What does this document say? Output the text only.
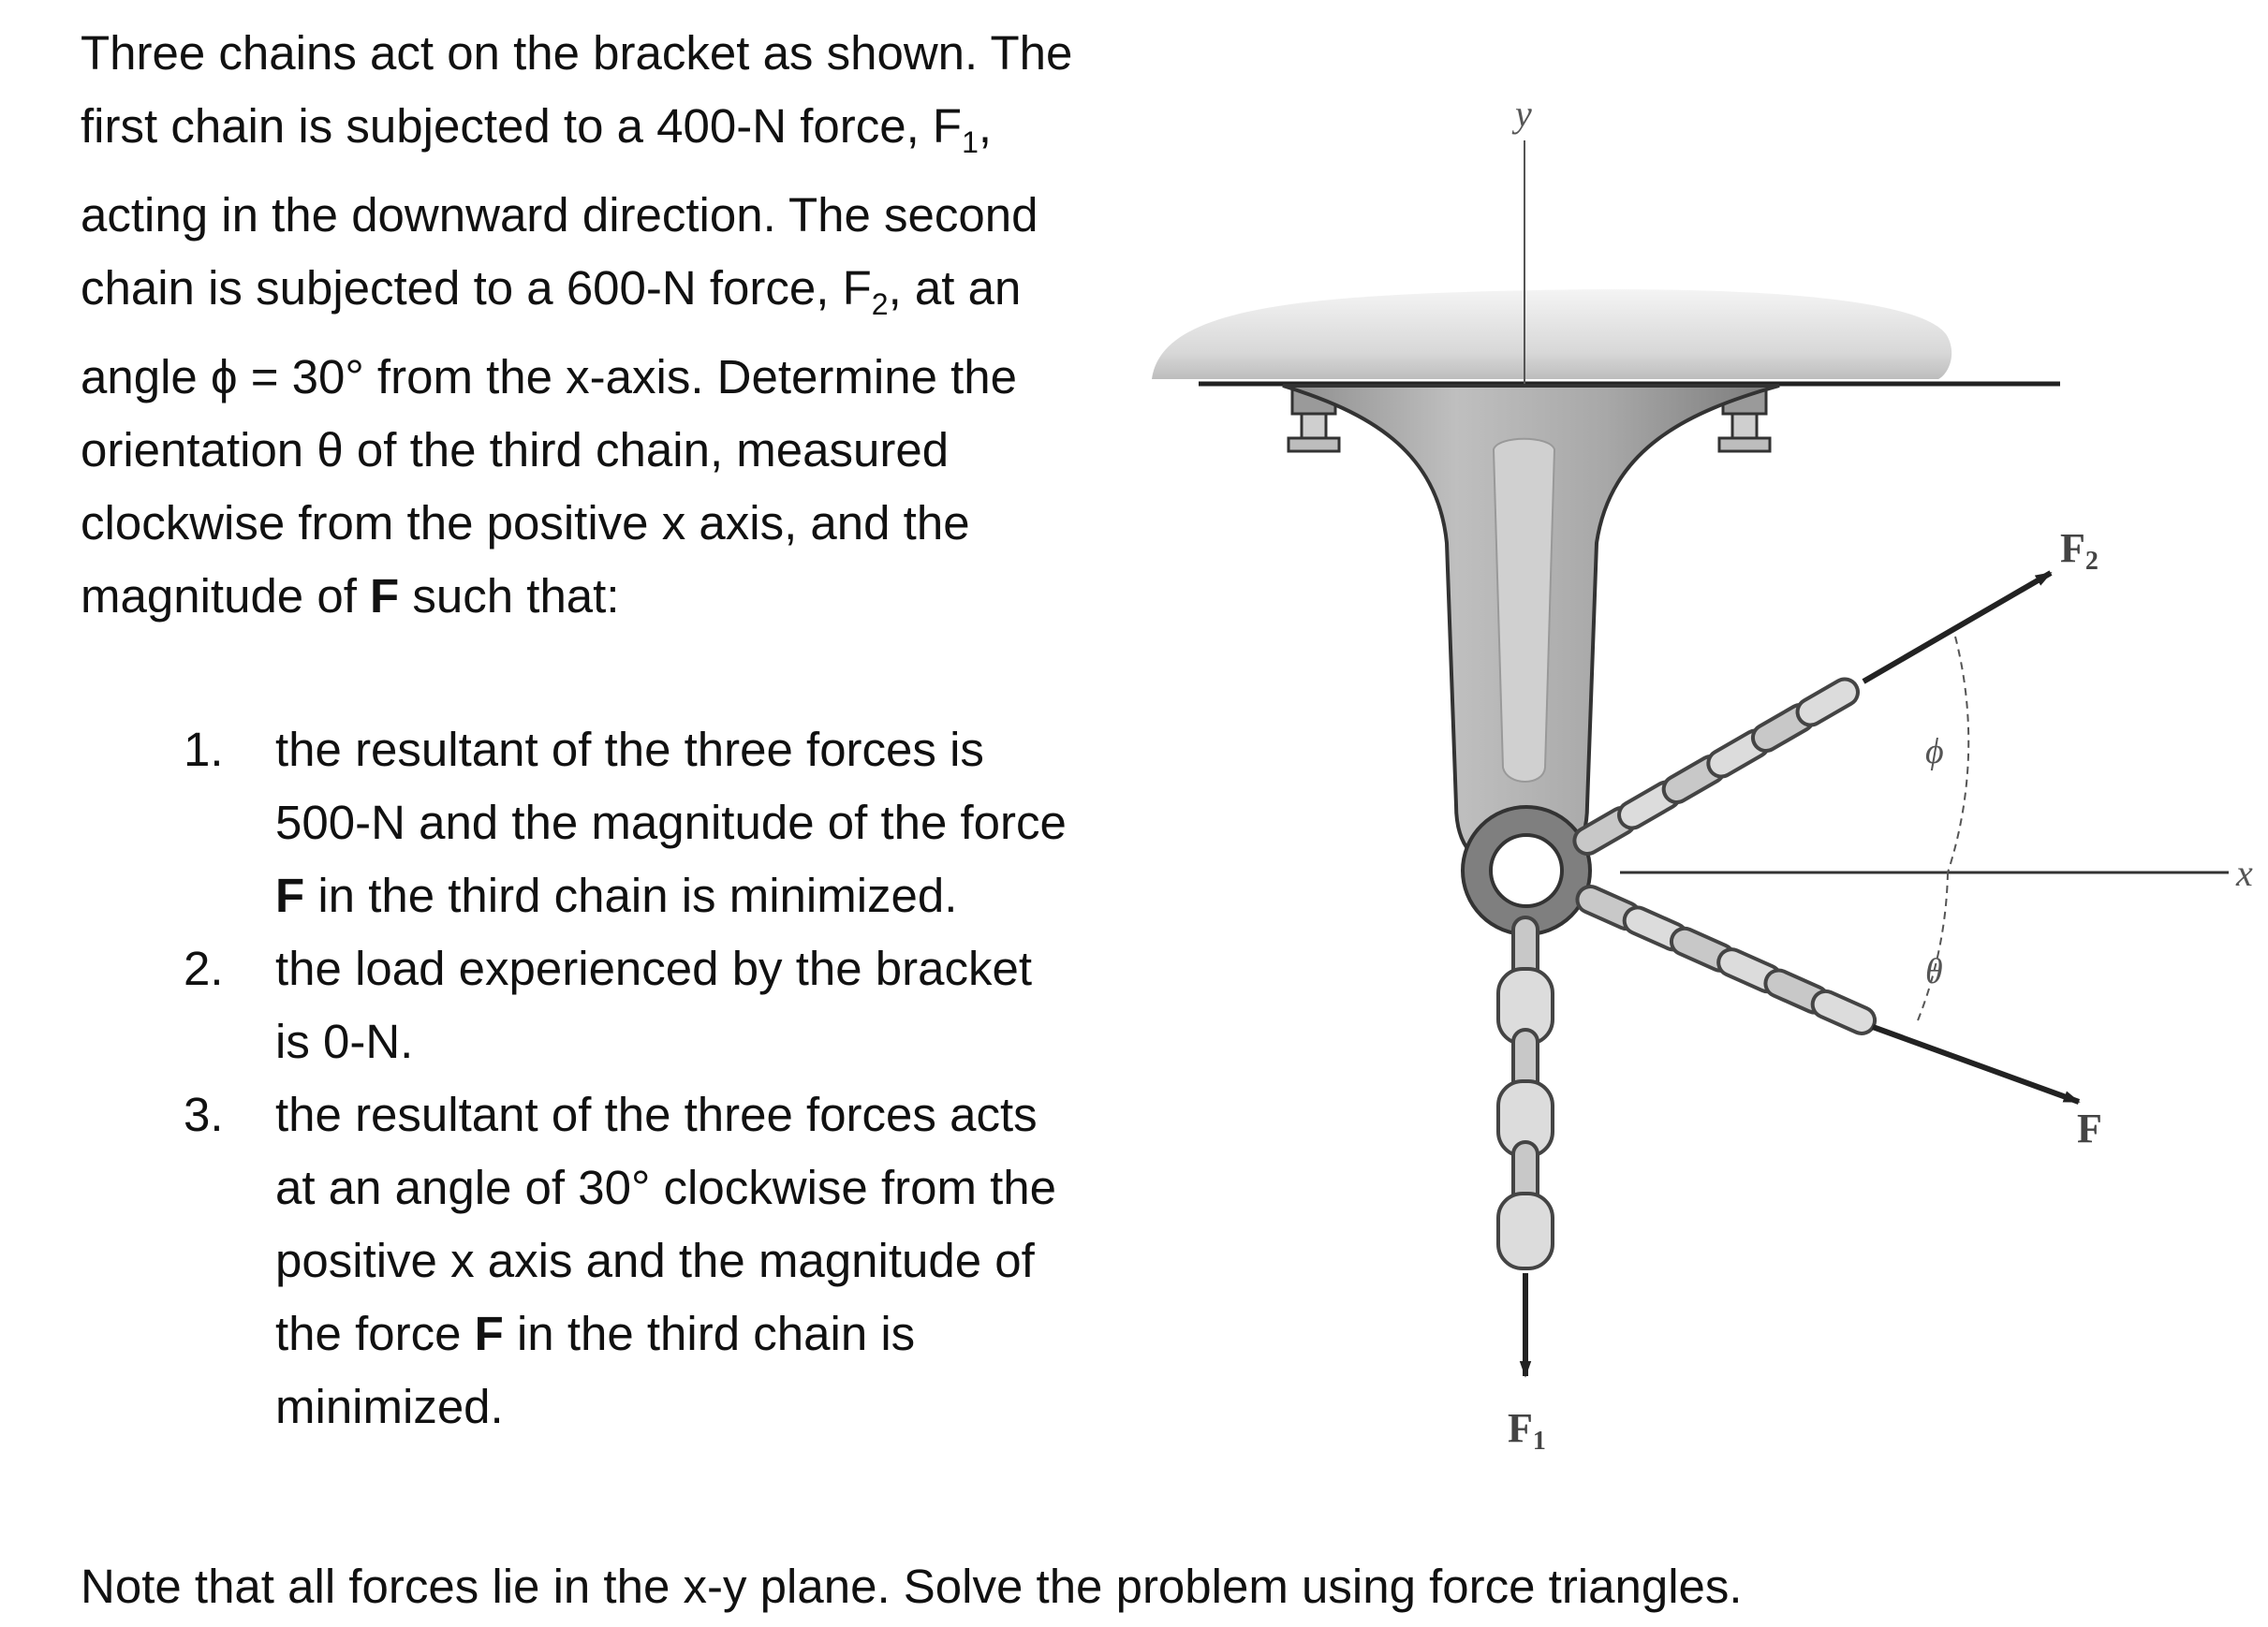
Three chains act on the bracket as shown. The first chain is subjected to a 400-N force, $F_1$, acting in the downward direction. The second chain is subjected to a 600-N force, $F_2$, at an angle ϕ = 30° from the x-axis. Determine the orientation θ of the third chain, measured clockwise from the positive x axis, and the magnitude of F such that:

1. the resultant of the three forces is 500-N and the magnitude of the force F in the third chain is minimized.
2. the load experienced by the bracket is 0-N.
3. the resultant of the three forces acts at an angle of 30° clockwise from the positive x axis and the magnitude of the force F in the third chain is minimized.

Note that all forces lie in the x-y plane. Solve the problem using force triangles.

y
x
F2
F
ϕ
θ
F1
